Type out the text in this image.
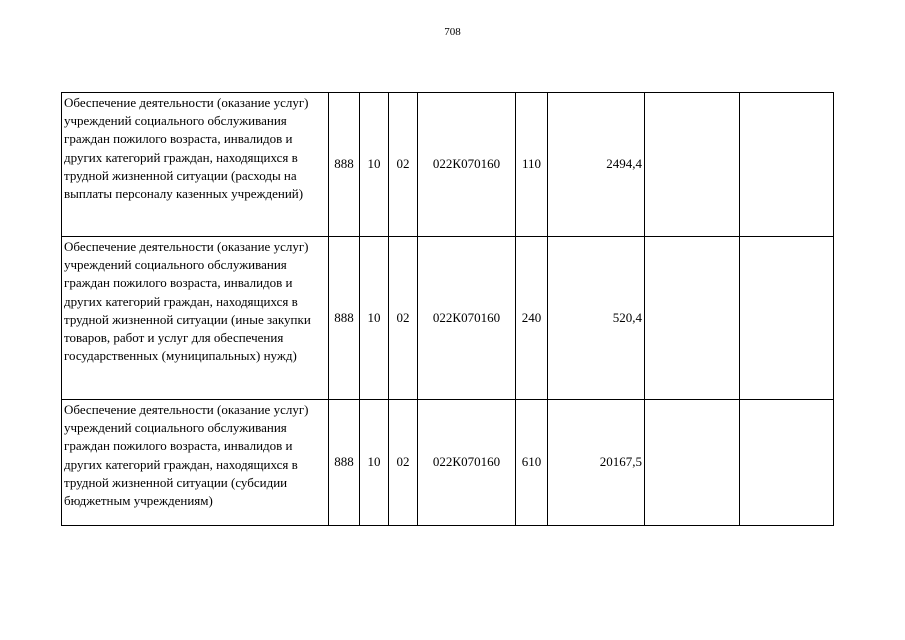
708
Обеспечение деятельности (оказание услуг) учреждений социального обслуживания граждан пожилого возраста, инвалидов и других категорий граждан, находящихся в трудной жизненной ситуации (расходы на выплаты персоналу казенных учреждений)	888	10	02	022К070160	110	2494,4		
Обеспечение деятельности (оказание услуг) учреждений социального обслуживания граждан пожилого возраста, инвалидов и других категорий граждан, находящихся в трудной жизненной ситуации (иные закупки товаров, работ и услуг для обеспечения государственных (муниципальных) нужд)	888	10	02	022К070160	240	520,4		
Обеспечение деятельности (оказание услуг) учреждений социального обслуживания граждан пожилого возраста, инвалидов и других категорий граждан, находящихся в трудной жизненной ситуации (субсидии бюджетным учреждениям)	888	10	02	022К070160	610	20167,5		
